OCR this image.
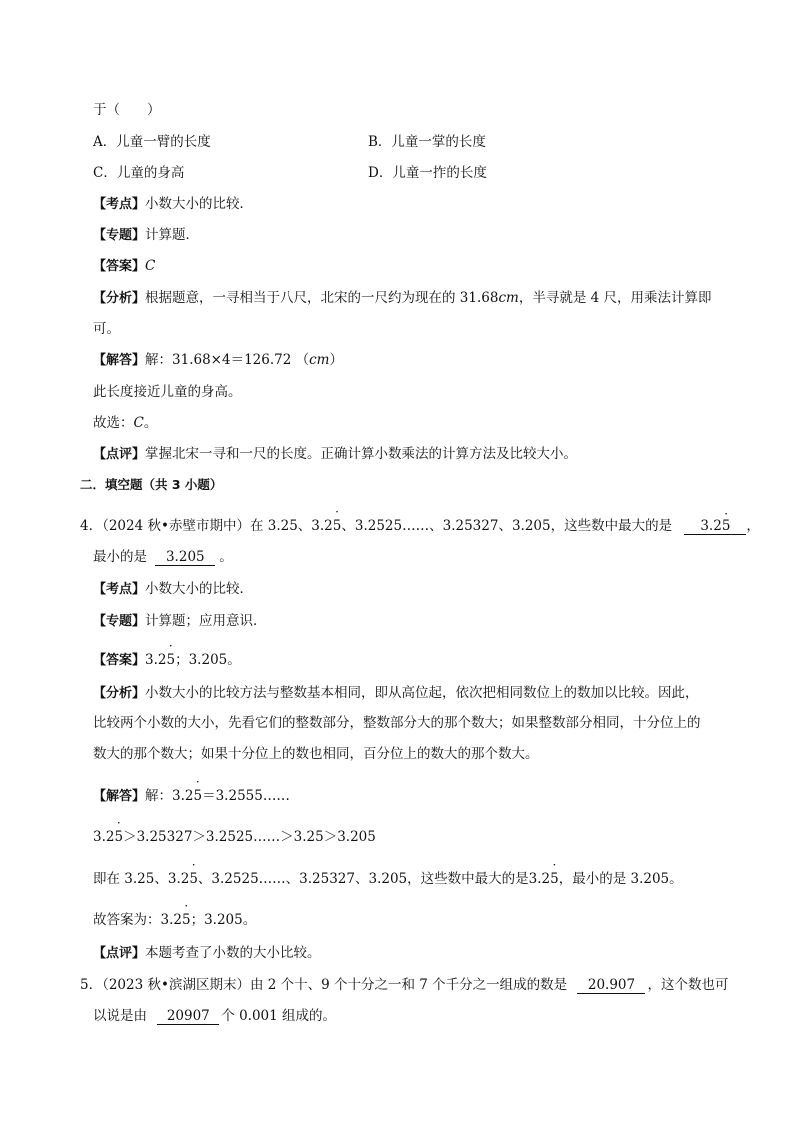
于（　　）
A．儿童一臂的长度	B．儿童一掌的长度
C．儿童的身高	D．儿童一拃的长度
【考点】小数大小的比较．
【专题】计算题．
【答案】C
【分析】根据题意，一寻相当于八尺，北宋的一尺约为现在的 31.68cm，半寻就是 4 尺，用乘法计算即
可。
【解答】解：31.68×4＝126.72 （cm）
此长度接近儿童的身高。
故选：C。
【点评】掌握北宋一寻和一尺的长度。正确计算小数乘法的计算方法及比较大小。
二．填空题（共 3 小题）
4．（2024 秋•赤壁市期中）在 3.25、3.2· 5、3.2525……、3.25327、3.205，这些数中最大的是 3.2· 5 ，
最小的是 3.205 。
【考点】小数大小的比较．
【专题】计算题；应用意识．
【答案】3.2· 5；3.205。
【分析】小数大小的比较方法与整数基本相同，即从高位起，依次把相同数位上的数加以比较。因此，
比较两个小数的大小，先看它们的整数部分，整数部分大的那个数大；如果整数部分相同，十分位上的
数大的那个数大；如果十分位上的数也相同，百分位上的数大的那个数大。
【解答】解：3.2· 5＝3.2555……
3.2· 5＞3.25327＞3.2525……＞3.25＞3.205
即在 3.25、3.2· 5、3.2525……、3.25327、3.205，这些数中最大的是3.2· 5，最小的是 3.205。
故答案为：3.2· 5；3.205。
【点评】本题考查了小数的大小比较。
5．（2023 秋•滨湖区期末）由 2 个十、9 个十分之一和 7 个千分之一组成的数是 20.907 ，这个数也可
以说是由 20907 个 0.001 组成的。
